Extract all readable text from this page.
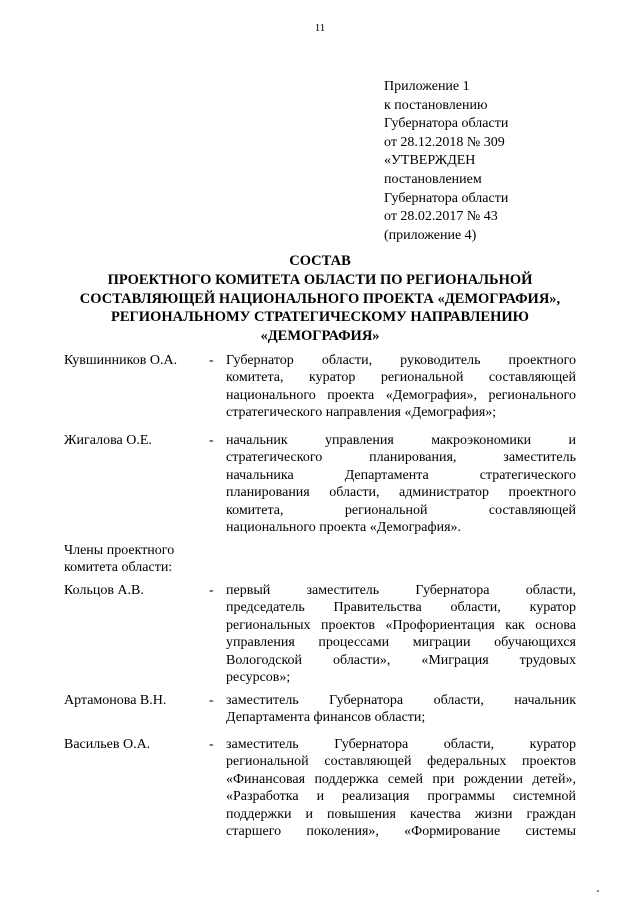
11
Приложение 1
к постановлению
Губернатора области
от 28.12.2018 № 309
«УТВЕРЖДЕН
постановлением
Губернатора области
от 28.02.2017 № 43
(приложение 4)
СОСТАВ
ПРОЕКТНОГО КОМИТЕТА ОБЛАСТИ ПО РЕГИОНАЛЬНОЙ
СОСТАВЛЯЮЩЕЙ НАЦИОНАЛЬНОГО ПРОЕКТА «ДЕМОГРАФИЯ»,
РЕГИОНАЛЬНОМУ СТРАТЕГИЧЕСКОМУ НАПРАВЛЕНИЮ
«ДЕМОГРАФИЯ»
Кувшинников О.А. - Губернатор области, руководитель проектного
комитета, куратор региональной составляющей
национального проекта «Демография», регионального
стратегического направления «Демография»;
Жигалова О.Е.	- начальник управления макроэкономики и
стратегического планирования, заместитель
начальника Департамента стратегического
планирования области, администратор проектного
комитета, региональной составляющей
национального проекта «Демография».
Члены проектного
комитета области:
Кольцов А.В.	- первый заместитель Губернатора области,
председатель Правительства области, куратор
региональных проектов «Профориентация как основа
управления процессами миграции обучающихся
Вологодской области», «Миграция трудовых
ресурсов»;
Артамонова В.Н.	- заместитель Губернатора области, начальник
Департамента финансов области;
Васильев О.А.	- заместитель Губернатора области, куратор
региональной составляющей федеральных проектов
«Финансовая поддержка семей при рождении детей»,
«Разработка и реализация программы системной
поддержки и повышения качества жизни граждан
старшего поколения», «Формирование системы
